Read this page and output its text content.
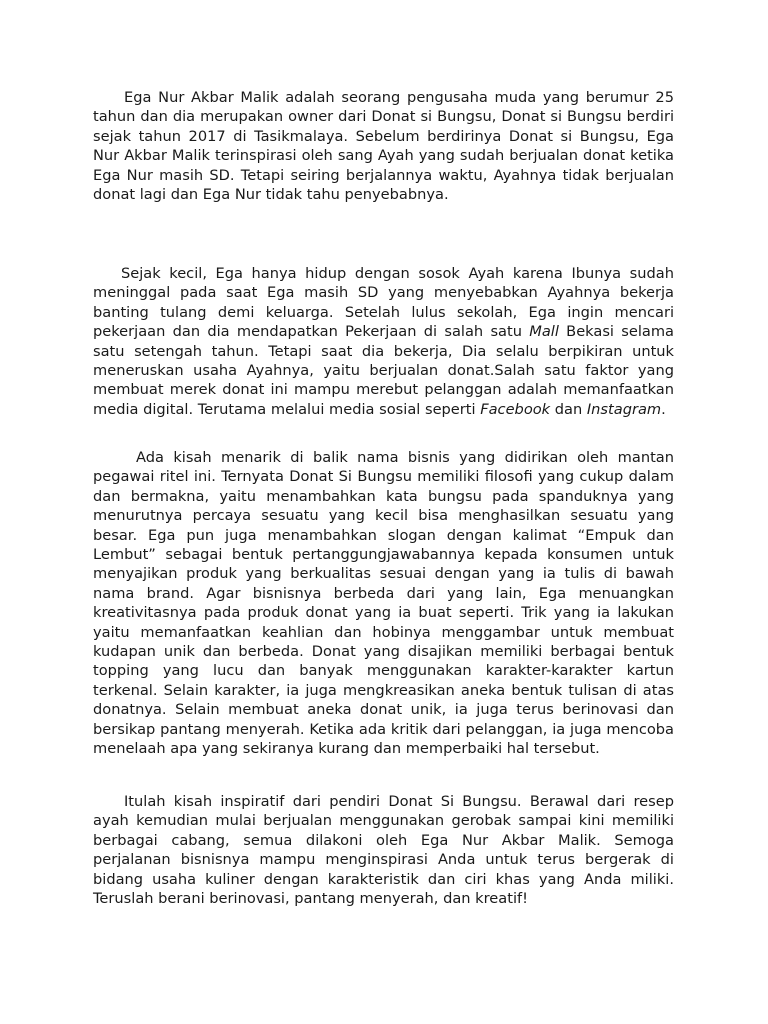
Ega Nur Akbar Malik adalah seorang pengusaha muda yang berumur 25 tahun dan dia merupakan owner dari Donat si Bungsu, Donat si Bungsu berdiri sejak tahun 2017 di Tasikmalaya. Sebelum berdirinya Donat si Bungsu, Ega Nur Akbar Malik terinspirasi oleh sang Ayah yang sudah berjualan donat ketika Ega Nur masih SD. Tetapi seiring berjalannya waktu, Ayahnya tidak berjualan donat lagi dan Ega Nur tidak tahu penyebabnya.

Sejak kecil, Ega hanya hidup dengan sosok Ayah karena Ibunya sudah meninggal pada saat Ega masih SD yang menyebabkan Ayahnya bekerja banting tulang demi keluarga. Setelah lulus sekolah, Ega ingin mencari pekerjaan dan dia mendapatkan Pekerjaan di salah satu Mall Bekasi selama satu setengah tahun. Tetapi saat dia bekerja, Dia selalu berpikiran untuk meneruskan usaha Ayahnya, yaitu berjualan donat.Salah satu faktor yang membuat merek donat ini mampu merebut pelanggan adalah memanfaatkan media digital. Terutama melalui media sosial seperti Facebook dan Instagram.

Ada kisah menarik di balik nama bisnis yang didirikan oleh mantan pegawai ritel ini. Ternyata Donat Si Bungsu memiliki filosofi yang cukup dalam dan bermakna, yaitu menambahkan kata bungsu pada spanduknya yang menurutnya percaya sesuatu yang kecil bisa menghasilkan sesuatu yang besar. Ega pun juga menambahkan slogan dengan kalimat “Empuk dan Lembut” sebagai bentuk pertanggungjawabannya kepada konsumen untuk menyajikan produk yang berkualitas sesuai dengan yang ia tulis di bawah nama brand. Agar bisnisnya berbeda dari yang lain, Ega menuangkan kreativitasnya pada produk donat yang ia buat seperti. Trik yang ia lakukan yaitu memanfaatkan keahlian dan hobinya menggambar untuk membuat kudapan unik dan berbeda. Donat yang disajikan memiliki berbagai bentuk topping yang lucu dan banyak menggunakan karakter-karakter kartun terkenal. Selain karakter, ia juga mengkreasikan aneka bentuk tulisan di atas donatnya. Selain membuat aneka donat unik, ia juga terus berinovasi dan bersikap pantang menyerah. Ketika ada kritik dari pelanggan, ia juga mencoba menelaah apa yang sekiranya kurang dan memperbaiki hal tersebut.

Itulah kisah inspiratif dari pendiri Donat Si Bungsu. Berawal dari resep ayah kemudian mulai berjualan menggunakan gerobak sampai kini memiliki berbagai cabang, semua dilakoni oleh Ega Nur Akbar Malik. Semoga perjalanan bisnisnya mampu menginspirasi Anda untuk terus bergerak di bidang usaha kuliner dengan karakteristik dan ciri khas yang Anda miliki. Teruslah berani berinovasi, pantang menyerah, dan kreatif!
